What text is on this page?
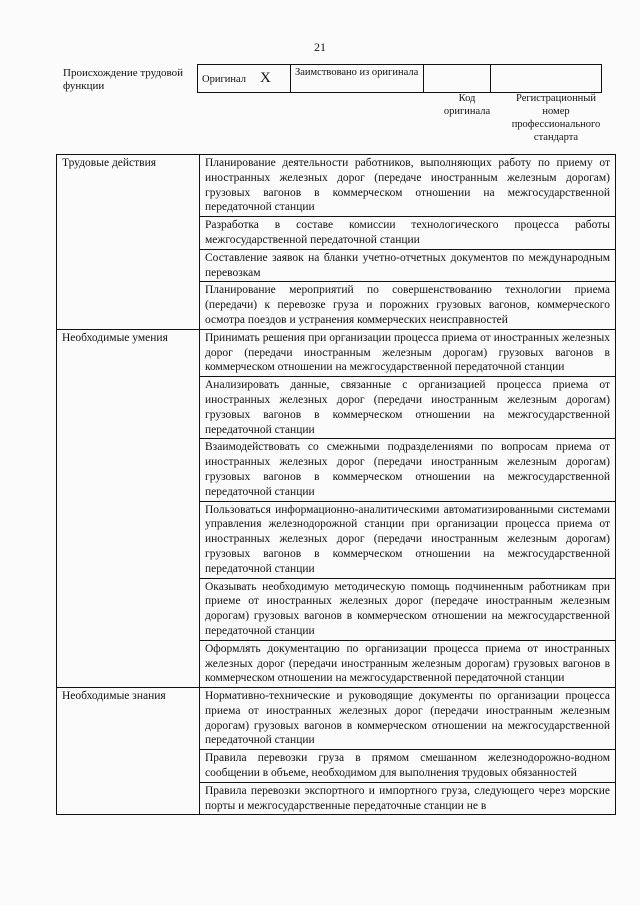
21
Происхождение трудовой функции
Оригинал X	Заимствовано из оригинала		
Код оригинала
Регистрационный номер профессионального стандарта
Трудовые действия	Планирование деятельности работников, выполняющих работу по приему от иностранных железных дорог (передаче иностранным железным дорогам) грузовых вагонов в коммерческом отношении на межгосударственной передаточной станции
	Разработка в составе комиссии технологического процесса работы межгосударственной передаточной станции
	Составление заявок на бланки учетно-отчетных документов по международным перевозкам
	Планирование мероприятий по совершенствованию технологии приема (передачи) к перевозке груза и порожних грузовых вагонов, коммерческого осмотра поездов и устранения коммерческих неисправностей
Необходимые умения	Принимать решения при организации процесса приема от иностранных железных дорог (передачи иностранным железным дорогам) грузовых вагонов в коммерческом отношении на межгосударственной передаточной станции
	Анализировать данные, связанные с организацией процесса приема от иностранных железных дорог (передачи иностранным железным дорогам) грузовых вагонов в коммерческом отношении на межгосударственной передаточной станции
	Взаимодействовать со смежными подразделениями по вопросам приема от иностранных железных дорог (передачи иностранным железным дорогам) грузовых вагонов в коммерческом отношении на межгосударственной передаточной станции
	Пользоваться информационно-аналитическими автоматизированными системами управления железнодорожной станции при организации процесса приема от иностранных железных дорог (передачи иностранным железным дорогам) грузовых вагонов в коммерческом отношении на межгосударственной передаточной станции
	Оказывать необходимую методическую помощь подчиненным работникам при приеме от иностранных железных дорог (передаче иностранным железным дорогам) грузовых вагонов в коммерческом отношении на межгосударственной передаточной станции
	Оформлять документацию по организации процесса приема от иностранных железных дорог (передачи иностранным железным дорогам) грузовых вагонов в коммерческом отношении на межгосударственной передаточной станции
Необходимые знания	Нормативно-технические и руководящие документы по организации процесса приема от иностранных железных дорог (передачи иностранным железным дорогам) грузовых вагонов в коммерческом отношении на межгосударственной передаточной станции
	Правила перевозки груза в прямом смешанном железнодорожно-водном сообщении в объеме, необходимом для выполнения трудовых обязанностей
	Правила перевозки экспортного и импортного груза, следующего через морские порты и межгосударственные передаточные станции не в
